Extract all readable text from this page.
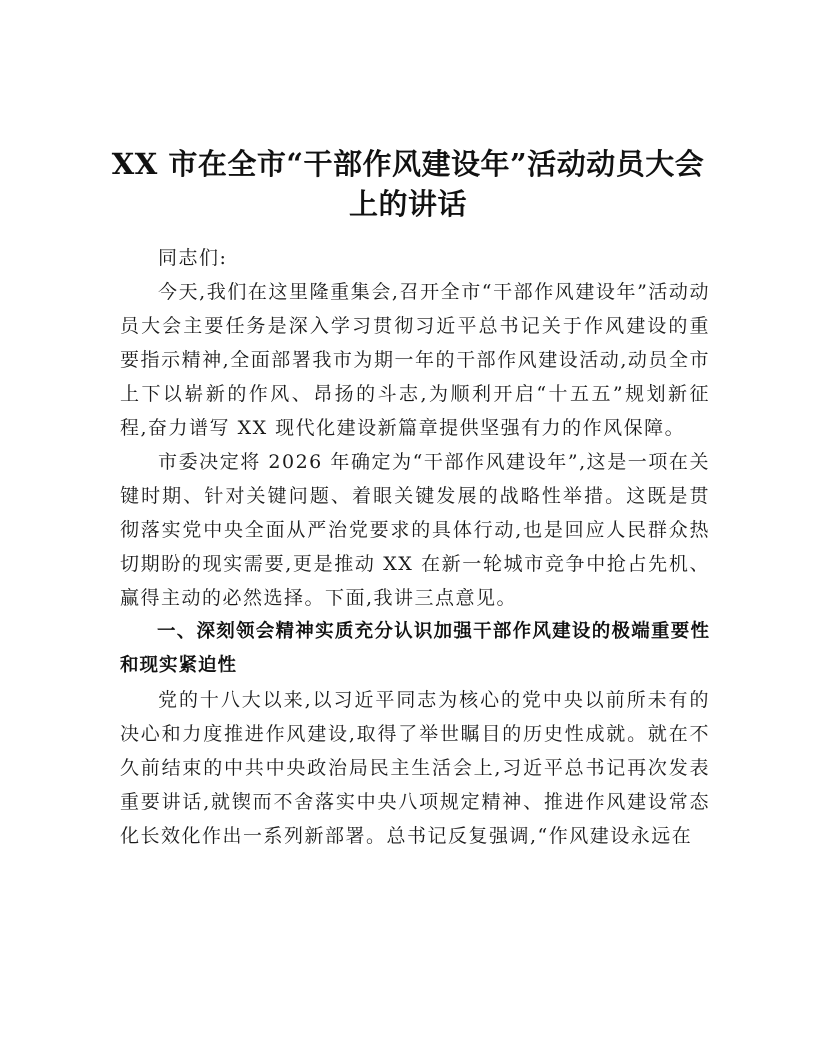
XX 市在全市“干部作风建设年”活动动员大会上的讲话

同志们:

今天,我们在这里隆重集会,召开全市“干部作风建设年”活动动员大会主要任务是深入学习贯彻习近平总书记关于作风建设的重要指示精神,全面部署我市为期一年的干部作风建设活动,动员全市上下以崭新的作风、昂扬的斗志,为顺利开启“十五五”规划新征程,奋力谱写 XX 现代化建设新篇章提供坚强有力的作风保障。

市委决定将 2026 年确定为“干部作风建设年”,这是一项在关键时期、针对关键问题、着眼关键发展的战略性举措。这既是贯彻落实党中央全面从严治党要求的具体行动,也是回应人民群众热切期盼的现实需要,更是推动 XX 在新一轮城市竞争中抢占先机、赢得主动的必然选择。下面,我讲三点意见。

一、深刻领会精神实质充分认识加强干部作风建设的极端重要性和现实紧迫性

党的十八大以来,以习近平同志为核心的党中央以前所未有的决心和力度推进作风建设,取得了举世瞩目的历史性成就。就在不久前结束的中共中央政治局民主生活会上,习近平总书记再次发表重要讲话,就锲而不舍落实中央八项规定精神、推进作风建设常态化长效化作出一系列新部署。总书记反复强调,“作风建设永远在
